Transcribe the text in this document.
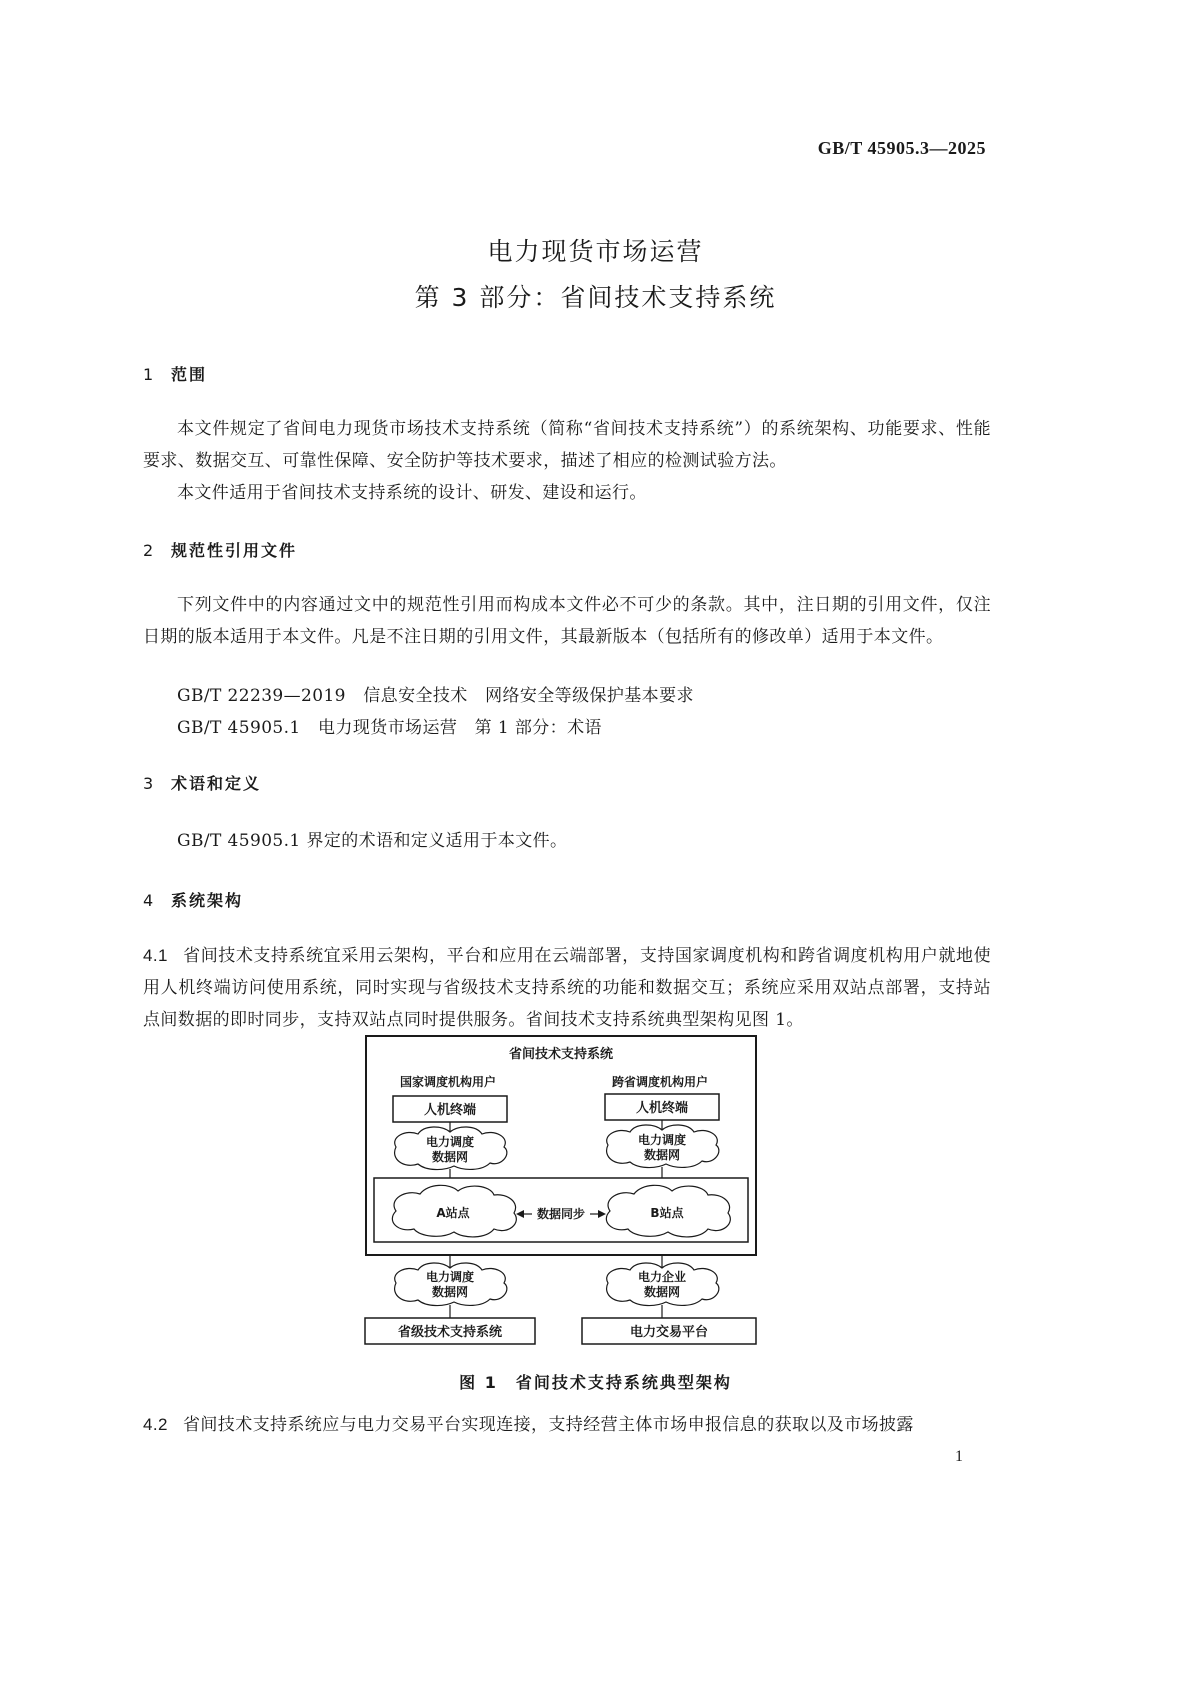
GB/T 45905.3—2025
电力现货市场运营
第 3 部分：省间技术支持系统
1 范围
本文件规定了省间电力现货市场技术支持系统（简称“省间技术支持系统”）的系统架构、功能要求、性能要求、数据交互、可靠性保障、安全防护等技术要求，描述了相应的检测试验方法。
本文件适用于省间技术支持系统的设计、研发、建设和运行。
2 规范性引用文件
下列文件中的内容通过文中的规范性引用而构成本文件必不可少的条款。其中，注日期的引用文件，仅注日期的版本适用于本文件。凡是不注日期的引用文件，其最新版本（包括所有的修改单）适用于本文件。
GB/T 22239—2019　信息安全技术　网络安全等级保护基本要求
GB/T 45905.1　电力现货市场运营　第 1 部分：术语
3 术语和定义
GB/T 45905.1 界定的术语和定义适用于本文件。
4 系统架构
4.1 省间技术支持系统宜采用云架构，平台和应用在云端部署，支持国家调度机构和跨省调度机构用户就地使用人机终端访问使用系统，同时实现与省级技术支持系统的功能和数据交互；系统应采用双站点部署，支持站点间数据的即时同步，支持双站点同时提供服务。省间技术支持系统典型架构见图 1。
省间技术支持系统
国家调度机构用户	跨省调度机构用户
人机终端	人机终端
电力调度
数据网
电力调度
数据网
A站点	B站点
数据同步
电力调度
数据网
电力企业
数据网
省级技术支持系统	电力交易平台
图 1　省间技术支持系统典型架构
4.2 省间技术支持系统应与电力交易平台实现连接，支持经营主体市场申报信息的获取以及市场披露
1
